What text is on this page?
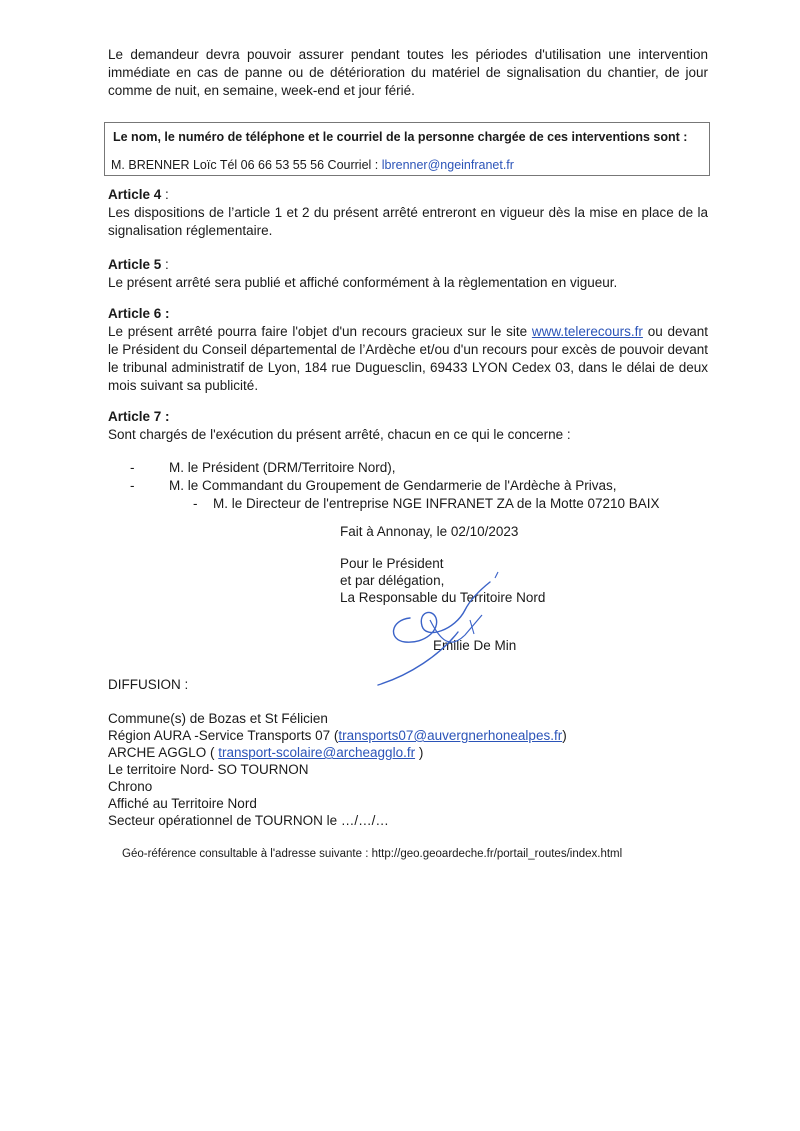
Le demandeur devra pouvoir assurer pendant toutes les périodes d'utilisation une intervention immédiate en cas de panne ou de détérioration du matériel de signalisation du chantier, de jour comme de nuit, en semaine, week-end et jour férié.
Le nom, le numéro de téléphone et le courriel de la personne chargée de ces interventions sont :
M. BRENNER Loïc Tél 06 66 53 55 56 Courriel : lbrenner@ngeinfranet.fr
Article 4 :
Les dispositions de l’article 1 et 2 du présent arrêté entreront en vigueur dès la mise en place de la signalisation réglementaire.
Article 5 :
Le présent arrêté sera publié et affiché conformément à la règlementation en vigueur.
Article 6 :
Le présent arrêté pourra faire l'objet d'un recours gracieux sur le site www.telerecours.fr ou devant le Président du Conseil départemental de l’Ardèche et/ou d'un recours pour excès de pouvoir devant le tribunal administratif de Lyon, 184 rue Duguesclin, 69433 LYON Cedex 03, dans le délai de deux mois suivant sa publicité.
Article 7 :
Sont chargés de l'exécution du présent arrêté, chacun en ce qui le concerne :
-	M. le Président (DRM/Territoire Nord),
-	M. le Commandant du Groupement de Gendarmerie de l'Ardèche à Privas,
- M. le Directeur de l'entreprise NGE INFRANET ZA de la Motte 07210 BAIX
Fait à Annonay, le 02/10/2023
Pour le Président
et par délégation,
La Responsable du Territoire Nord
Emilie De Min
DIFFUSION :
Commune(s) de Bozas et St Félicien
Région AURA -Service Transports 07 (transports07@auvergnerhonealpes.fr)
ARCHE AGGLO ( transport-scolaire@archeagglo.fr )
Le territoire Nord- SO TOURNON
Chrono
Affiché au Territoire Nord
Secteur opérationnel de TOURNON le …/…/…
Géo-référence consultable à l'adresse suivante : http://geo.geoardeche.fr/portail_routes/index.html
